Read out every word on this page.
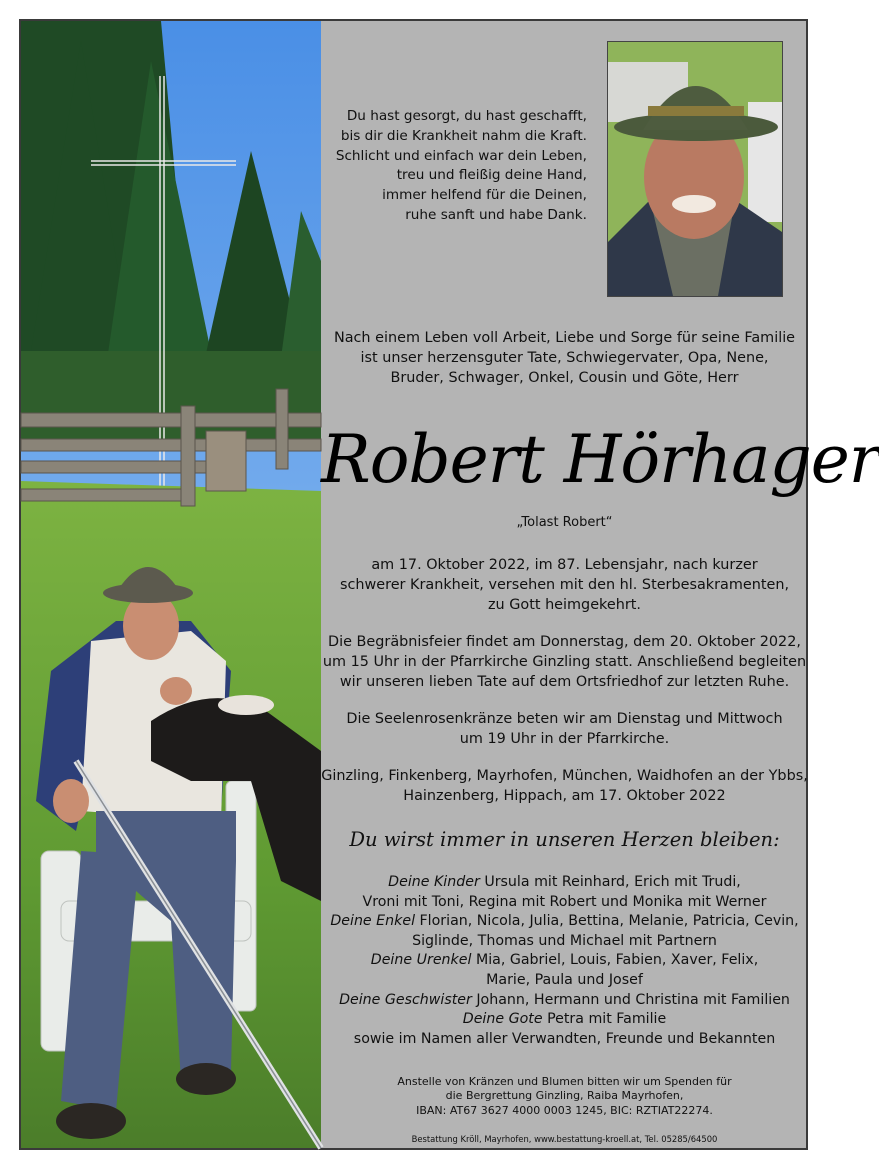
Du hast gesorgt, du hast geschafft,
bis dir die Krankheit nahm die Kraft.
Schlicht und einfach war dein Leben,
treu und fleißig deine Hand,
immer helfend für die Deinen,
ruhe sanft und habe Dank.
Nach einem Leben voll Arbeit, Liebe und Sorge für seine Familie
ist unser herzensguter Tate, Schwiegervater, Opa, Nene,
Bruder, Schwager, Onkel, Cousin und Göte, Herr
Robert Hörhager
„Tolast Robert“
am 17. Oktober 2022, im 87. Lebensjahr, nach kurzer
schwerer Krankheit, versehen mit den hl. Sterbesakramenten,
zu Gott heimgekehrt.
Die Begräbnisfeier findet am Donnerstag, dem 20. Oktober 2022,
um 15 Uhr in der Pfarrkirche Ginzling statt. Anschließend begleiten
wir unseren lieben Tate auf dem Ortsfriedhof zur letzten Ruhe.
Die Seelenrosenkränze beten wir am Dienstag und Mittwoch
um 19 Uhr in der Pfarrkirche.
Ginzling, Finkenberg, Mayrhofen, München, Waidhofen an der Ybbs,
Hainzenberg, Hippach, am 17. Oktober 2022
Du wirst immer in unseren Herzen bleiben:
Deine Kinder Ursula mit Reinhard, Erich mit Trudi,
Vroni mit Toni, Regina mit Robert und Monika mit Werner
Deine Enkel Florian, Nicola, Julia, Bettina, Melanie, Patricia, Cevin,
Siglinde, Thomas und Michael mit Partnern
Deine Urenkel Mia, Gabriel, Louis, Fabien, Xaver, Felix,
Marie, Paula und Josef
Deine Geschwister Johann, Hermann und Christina mit Familien
Deine Gote Petra mit Familie
sowie im Namen aller Verwandten, Freunde und Bekannten
Anstelle von Kränzen und Blumen bitten wir um Spenden für
die Bergrettung Ginzling, Raiba Mayrhofen,
IBAN: AT67 3627 4000 0003 1245, BIC: RZTIAT22274.
Bestattung Kröll, Mayrhofen, www.bestattung-kroell.at, Tel. 05285/64500
